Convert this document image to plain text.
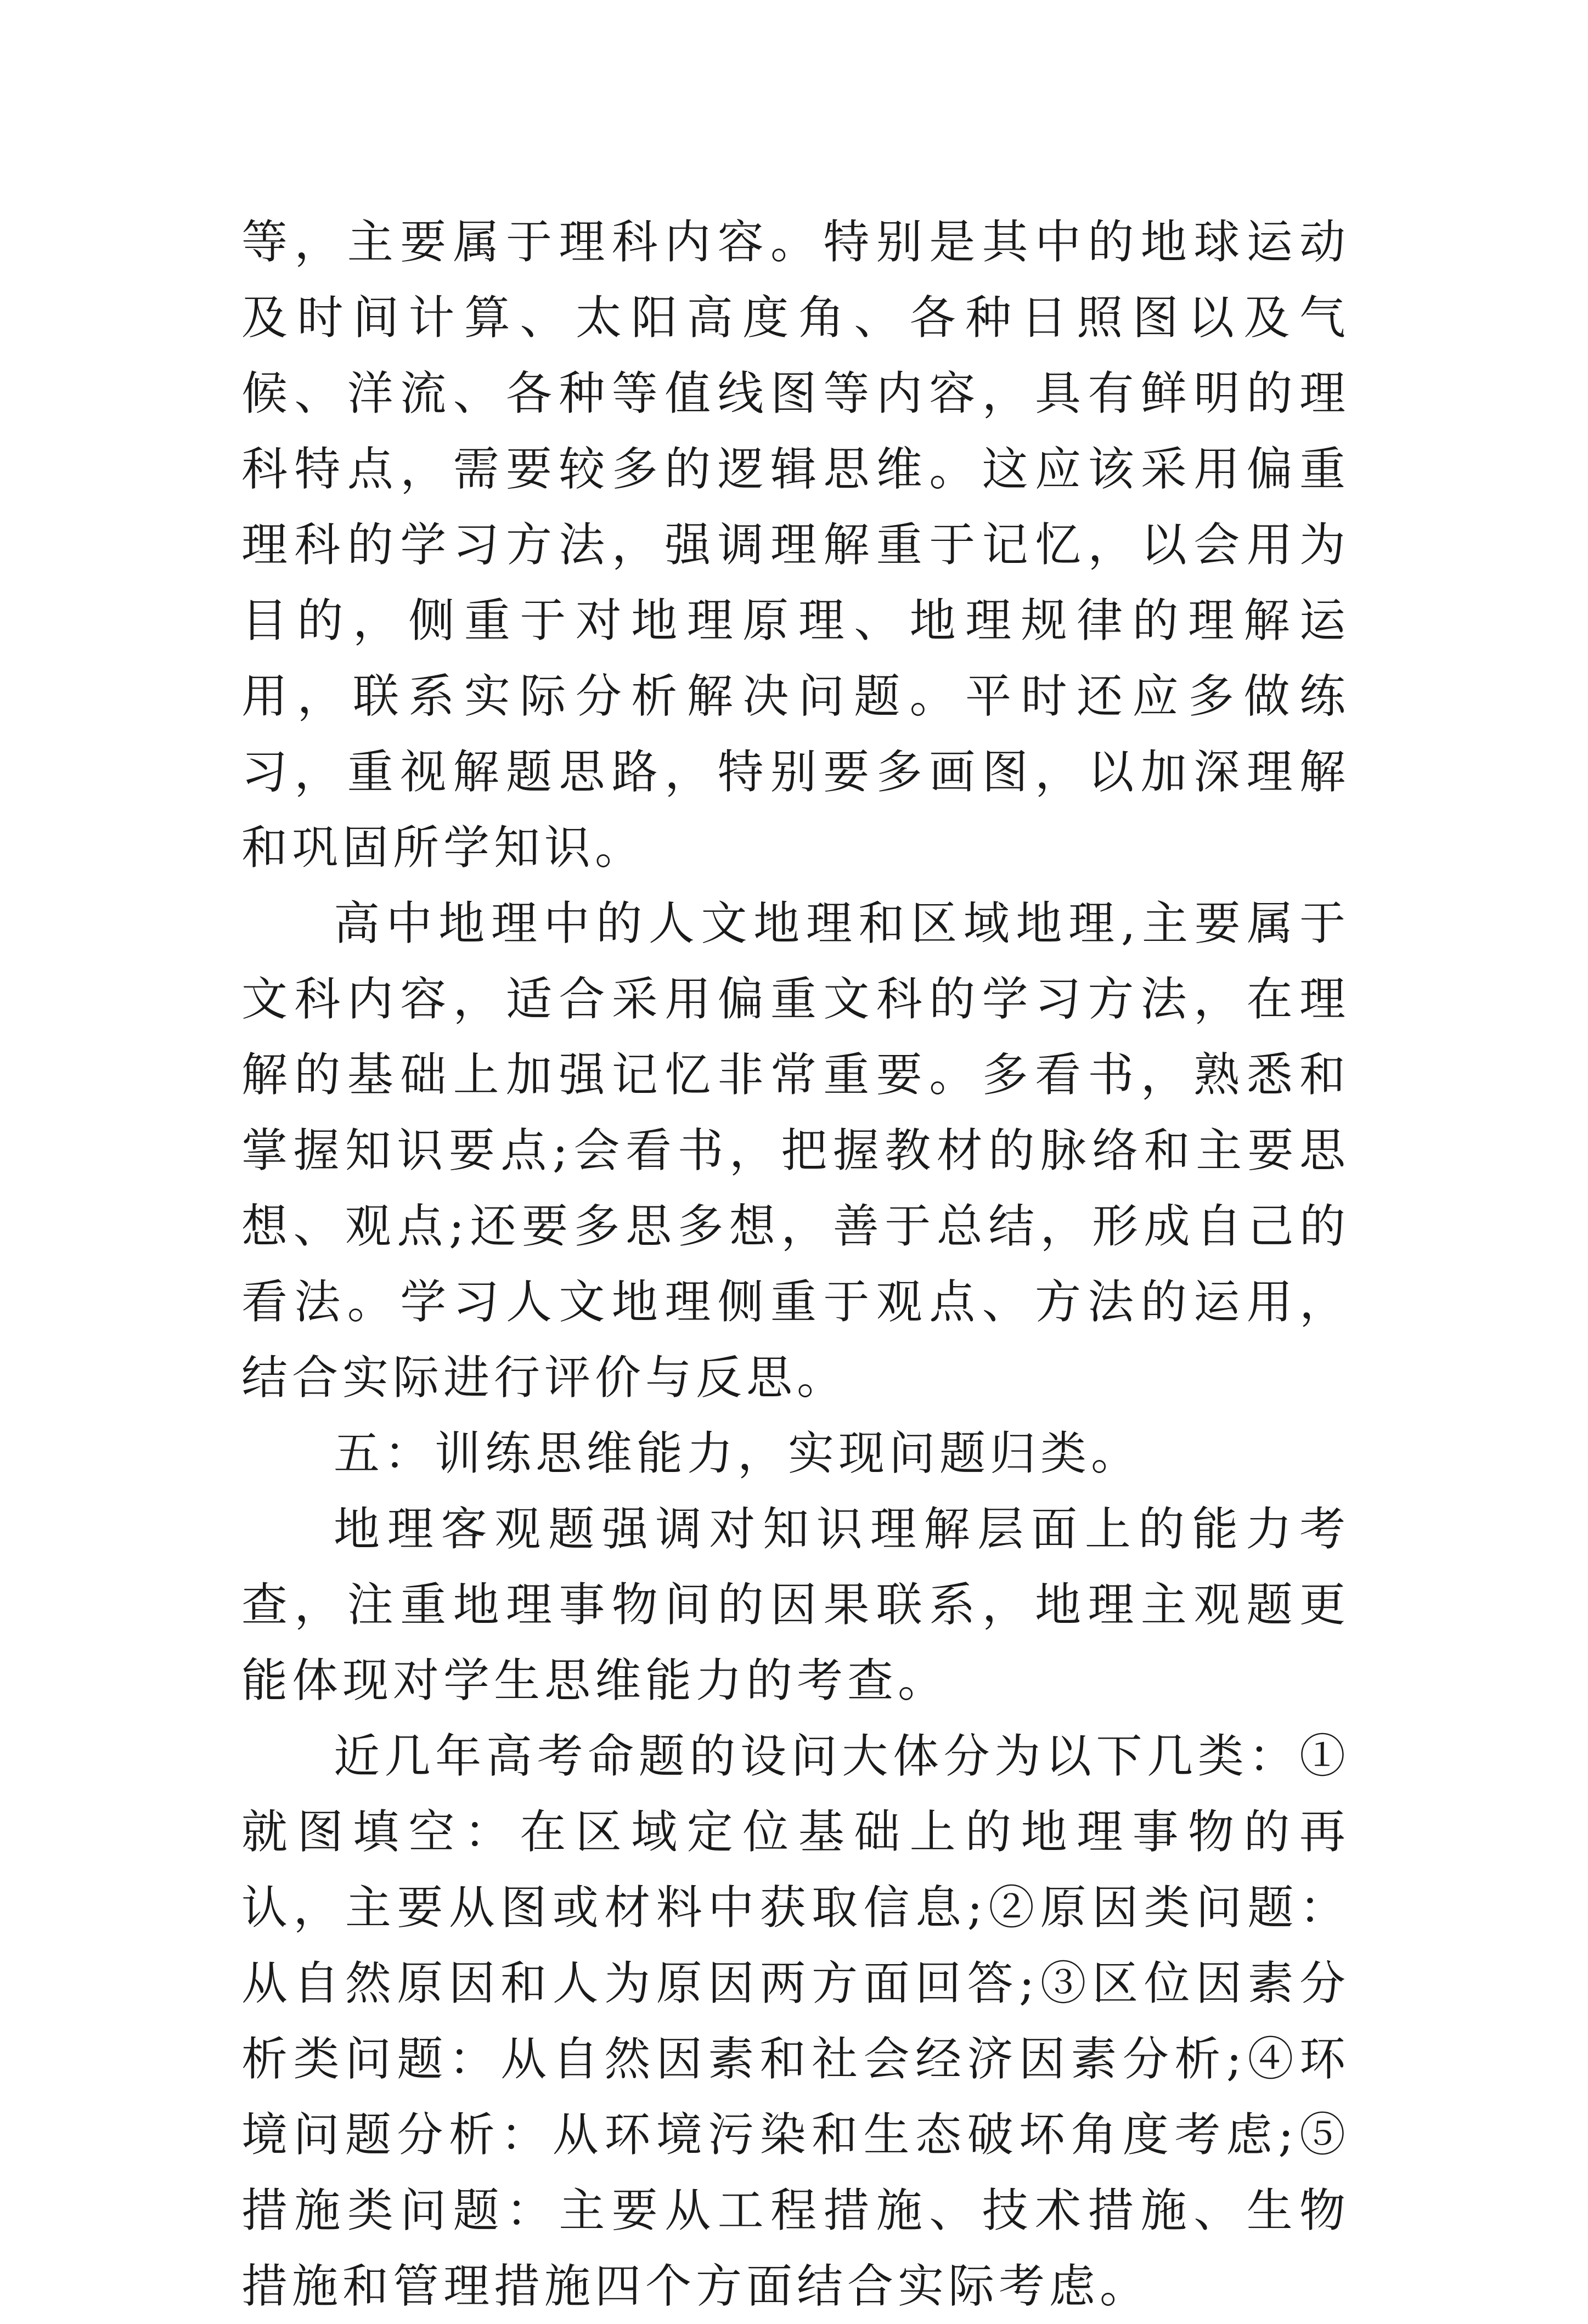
等，主要属于理科内容。特别是其中的地球运动及时间计算、太阳高度角、各种日照图以及气候、洋流、各种等值线图等内容，具有鲜明的理科特点，需要较多的逻辑思维。这应该采用偏重理科的学习方法，强调理解重于记忆，以会用为目的，侧重于对地理原理、地理规律的理解运用，联系实际分析解决问题。平时还应多做练习，重视解题思路，特别要多画图，以加深理解和巩固所学知识。

高中地理中的人文地理和区域地理,主要属于文科内容，适合采用偏重文科的学习方法，在理解的基础上加强记忆非常重要。多看书，熟悉和掌握知识要点;会看书，把握教材的脉络和主要思想、观点;还要多思多想，善于总结，形成自己的看法。学习人文地理侧重于观点、方法的运用，结合实际进行评价与反思。

五：训练思维能力，实现问题归类。

地理客观题强调对知识理解层面上的能力考查，注重地理事物间的因果联系，地理主观题更能体现对学生思维能力的考查。

近几年高考命题的设问大体分为以下几类：①就图填空：在区域定位基础上的地理事物的再认，主要从图或材料中获取信息;②原因类问题：从自然原因和人为原因两方面回答;③区位因素分析类问题：从自然因素和社会经济因素分析;④环境问题分析：从环境污染和生态破坏角度考虑;⑤措施类问题：主要从工程措施、技术措施、生物措施和管理措施四个方面结合实际考虑。
